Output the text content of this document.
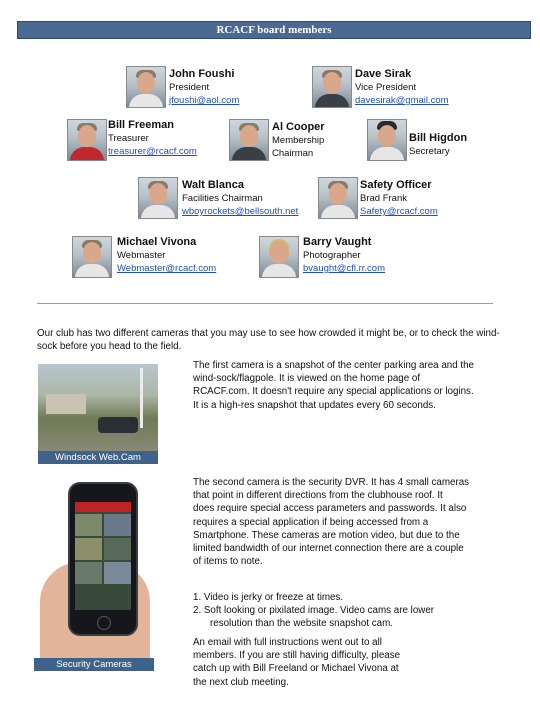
RCACF board members
John Foushi
President
jfoushi@aol.com
Dave Sirak
Vice President
davesirak@gmail.com
Bill Freeman
Treasurer
treasurer@rcacf.com
Al Cooper
Membership
Chairman
Bill Higdon
Secretary
Walt Blanca
Facilities Chairman
wboyrockets@bellsouth.net
Safety Officer
Brad Frank
Safety@rcacf.com
Michael Vivona
Webmaster
Webmaster@rcacf.com
Barry Vaught
Photographer
bvaught@cfl.rr.com
Our club has two different cameras that you may use to see how crowded it might be, or to check the wind-sock before you head to the field.

The first camera is a snapshot of the center parking area and the

wind-sock/flagpole. It is viewed on the home page of

RCACF.com. It doesn't require any special applications or logins.

It is a high-res snapshot that updates every 60 seconds.

Windsock Web.Cam

The second camera is the security DVR. It has 4 small cameras

that point in different directions from the clubhouse roof. It

does require special access parameters and passwords. It also

requires a special application if being accessed from a

Smartphone. These cameras are motion video, but due to the

limited bandwidth of our internet connection there are a couple

of items to note.

1. Video is jerky or freeze at times.

2. Soft looking or pixilated image. Video cams are lower

resolution than the website snapshot cam.

An email with full instructions went out to all

members. If you are still having difficulty, please

catch up with Bill Freeland or Michael Vivona at

the next club meeting.

Security Cameras
